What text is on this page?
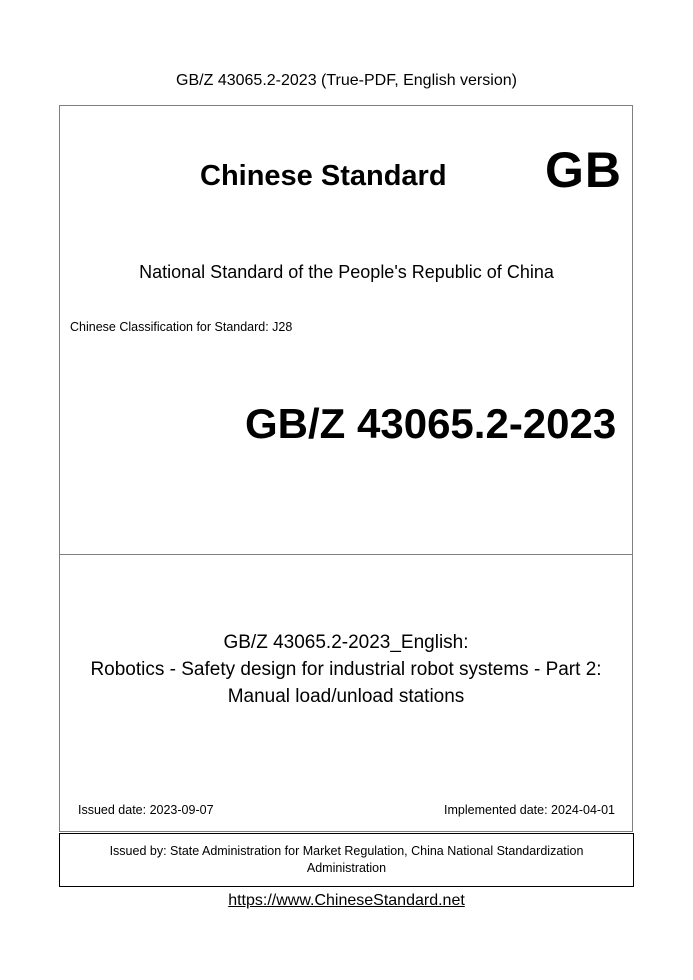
GB/Z 43065.2-2023 (True-PDF, English version)
Chinese Standard GB
National Standard of the People's Republic of China
Chinese Classification for Standard: J28
GB/Z 43065.2-2023
GB/Z 43065.2-2023_English:
Robotics - Safety design for industrial robot systems - Part 2:
Manual load/unload stations
Issued date: 2023-09-07	Implemented date: 2024-04-01
Issued by: State Administration for Market Regulation, China National Standardization Administration
https://www.ChineseStandard.net
